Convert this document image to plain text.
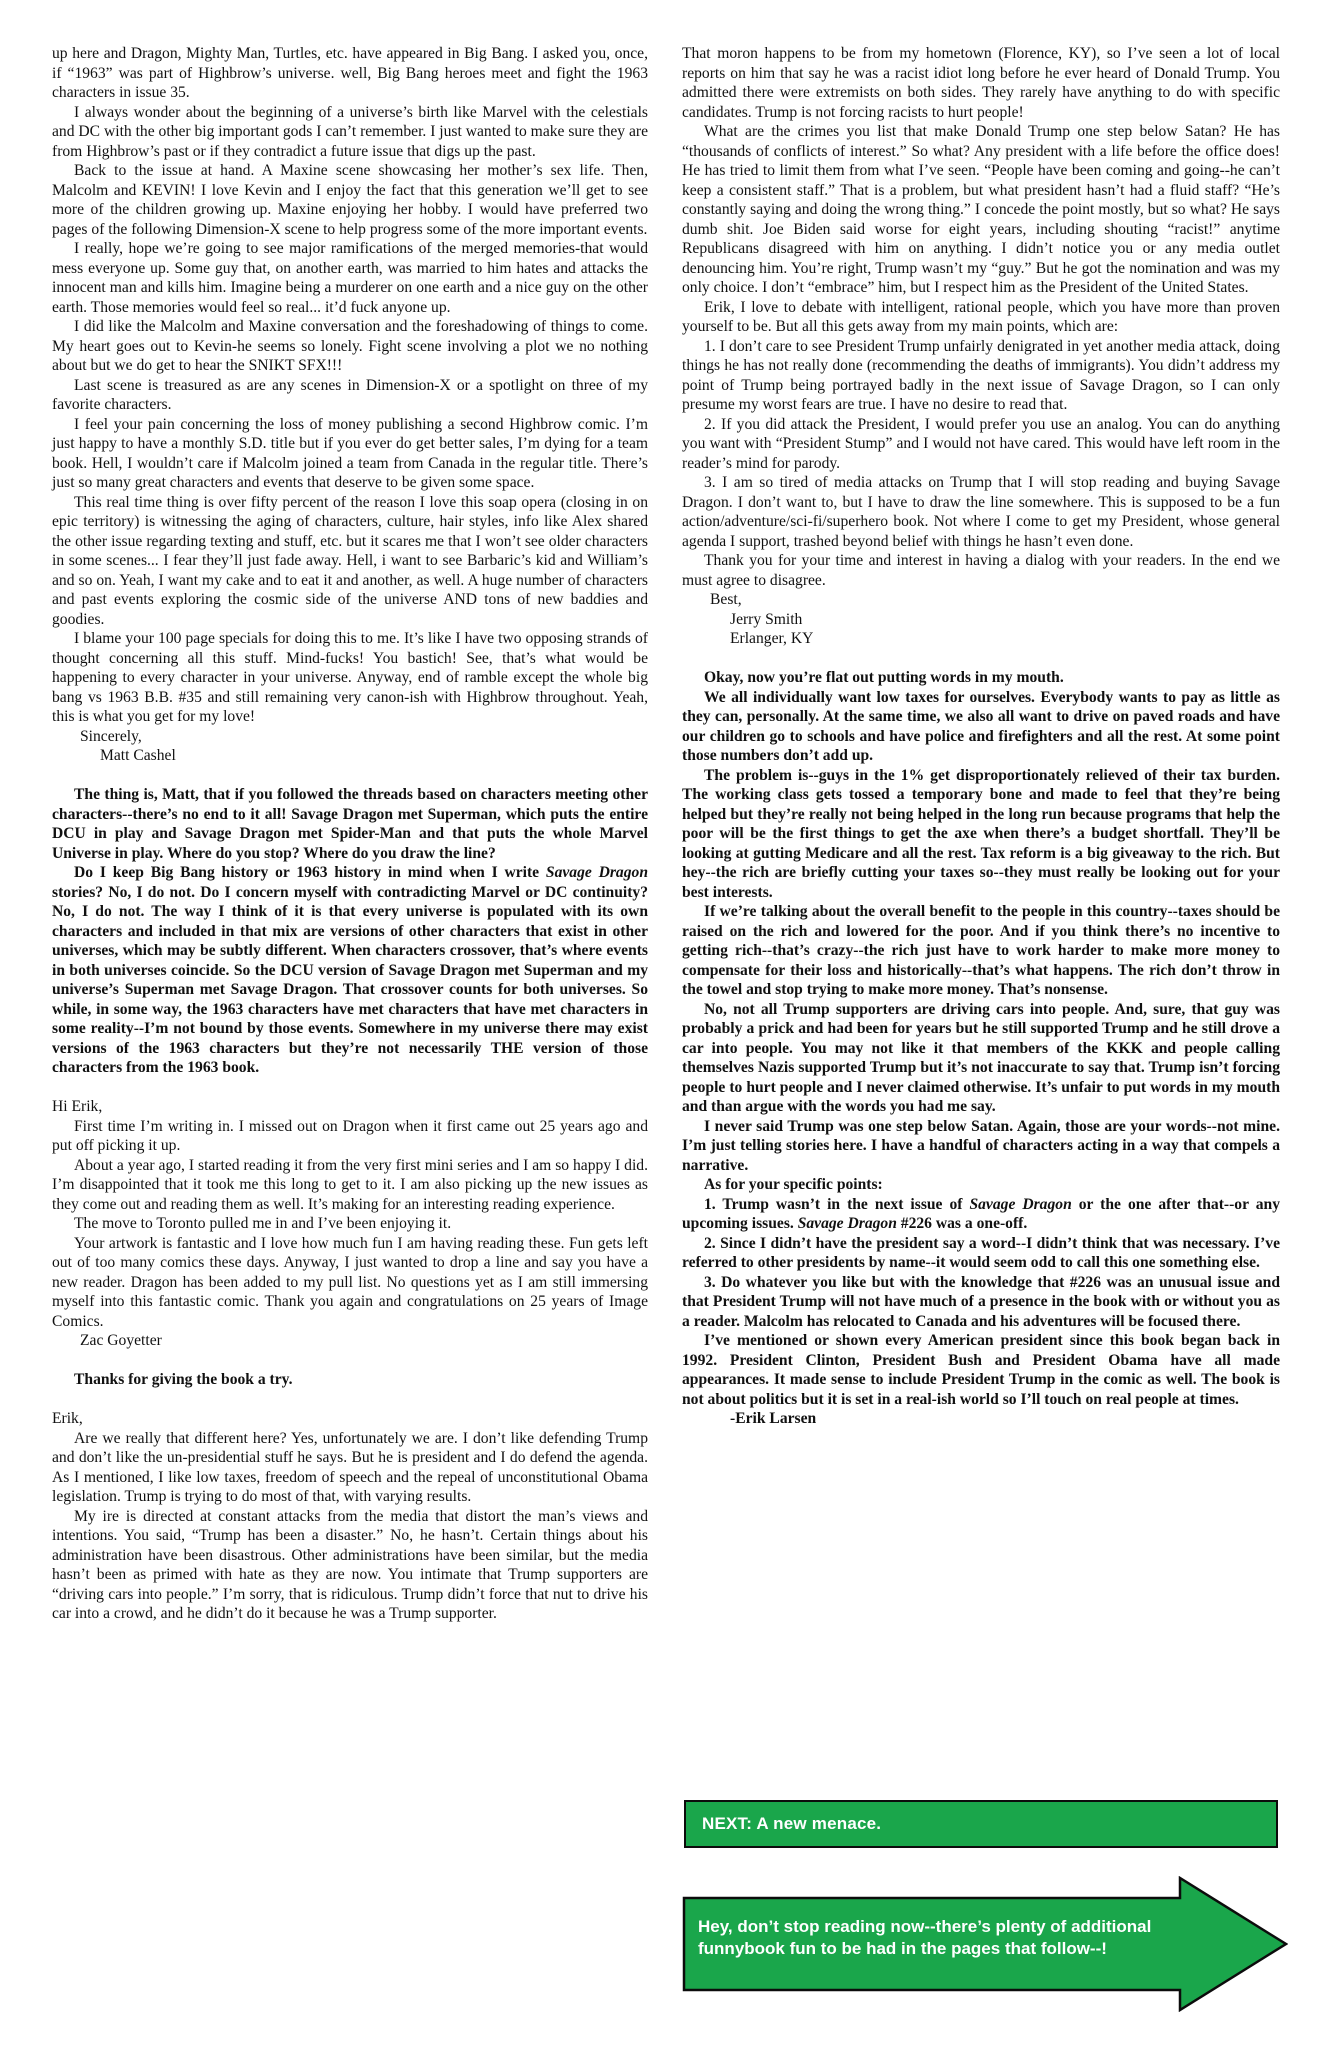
up here and Dragon, Mighty Man, Turtles, etc. have appeared in Big Bang. I asked you, once, if “1963” was part of Highbrow’s universe. well, Big Bang heroes meet and fight the 1963 characters in issue 35.

I always wonder about the beginning of a universe’s birth like Marvel with the celestials and DC with the other big important gods I can’t remember. I just wanted to make sure they are from Highbrow’s past or if they contradict a future issue that digs up the past.

Back to the issue at hand. A Maxine scene showcasing her mother’s sex life. Then, Malcolm and KEVIN! I love Kevin and I enjoy the fact that this generation we’ll get to see more of the children growing up. Maxine enjoying her hobby. I would have preferred two pages of the following Dimension-X scene to help progress some of the more important events.

I really, hope we’re going to see major ramifications of the merged memories-that would mess everyone up. Some guy that, on another earth, was married to him hates and attacks the innocent man and kills him. Imagine being a murderer on one earth and a nice guy on the other earth. Those memories would feel so real... it’d fuck anyone up.

I did like the Malcolm and Maxine conversation and the foreshadowing of things to come. My heart goes out to Kevin-he seems so lonely. Fight scene involving a plot we no nothing about but we do get to hear the SNIKT SFX!!!

Last scene is treasured as are any scenes in Dimension-X or a spotlight on three of my favorite characters.

I feel your pain concerning the loss of money publishing a second Highbrow comic. I’m just happy to have a monthly S.D. title but if you ever do get better sales, I’m dying for a team book. Hell, I wouldn’t care if Malcolm joined a team from Canada in the regular title. There’s just so many great characters and events that deserve to be given some space.

This real time thing is over fifty percent of the reason I love this soap opera (closing in on epic territory) is witnessing the aging of characters, culture, hair styles, info like Alex shared the other issue regarding texting and stuff, etc. but it scares me that I won’t see older characters in some scenes... I fear they’ll just fade away. Hell, i want to see Barbaric’s kid and William’s and so on. Yeah, I want my cake and to eat it and another, as well. A huge number of characters and past events exploring the cosmic side of the universe AND tons of new baddies and goodies.

I blame your 100 page specials for doing this to me. It’s like I have two opposing strands of thought concerning all this stuff. Mind-fucks! You bastich! See, that’s what would be happening to every character in your universe. Anyway, end of ramble except the whole big bang vs 1963 B.B. #35 and still remaining very canon-ish with Highbrow throughout. Yeah, this is what you get for my love!

Sincerely,

Matt Cashel

The thing is, Matt, that if you followed the threads based on characters meeting other characters--there’s no end to it all! Savage Dragon met Superman, which puts the entire DCU in play and Savage Dragon met Spider-Man and that puts the whole Marvel Universe in play. Where do you stop? Where do you draw the line?

Do I keep Big Bang history or 1963 history in mind when I write Savage Dragon stories? No, I do not. Do I concern myself with contradicting Marvel or DC continuity? No, I do not. The way I think of it is that every universe is populated with its own characters and included in that mix are versions of other characters that exist in other universes, which may be subtly different. When characters crossover, that’s where events in both universes coincide. So the DCU version of Savage Dragon met Superman and my universe’s Superman met Savage Dragon. That crossover counts for both universes. So while, in some way, the 1963 characters have met characters that have met characters in some reality--I’m not bound by those events. Somewhere in my universe there may exist versions of the 1963 characters but they’re not necessarily THE version of those characters from the 1963 book.

Hi Erik,

First time I’m writing in. I missed out on Dragon when it first came out 25 years ago and put off picking it up.

About a year ago, I started reading it from the very first mini series and I am so happy I did. I’m disappointed that it took me this long to get to it. I am also picking up the new issues as they come out and reading them as well. It’s making for an interesting reading experience.

The move to Toronto pulled me in and I’ve been enjoying it.

Your artwork is fantastic and I love how much fun I am having reading these. Fun gets left out of too many comics these days. Anyway, I just wanted to drop a line and say you have a new reader. Dragon has been added to my pull list. No questions yet as I am still immersing myself into this fantastic comic. Thank you again and congratulations on 25 years of Image Comics.

Zac Goyetter

Thanks for giving the book a try.

Erik,

Are we really that different here? Yes, unfortunately we are. I don’t like defending Trump and don’t like the un-presidential stuff he says. But he is president and I do defend the agenda. As I mentioned, I like low taxes, freedom of speech and the repeal of unconstitutional Obama legislation. Trump is trying to do most of that, with varying results.

My ire is directed at constant attacks from the media that distort the man’s views and intentions. You said, “Trump has been a disaster.” No, he hasn’t. Certain things about his administration have been disastrous. Other administrations have been similar, but the media hasn’t been as primed with hate as they are now. You intimate that Trump supporters are “driving cars into people.” I’m sorry, that is ridiculous. Trump didn’t force that nut to drive his car into a crowd, and he didn’t do it because he was a Trump supporter.

That moron happens to be from my hometown (Florence, KY), so I’ve seen a lot of local reports on him that say he was a racist idiot long before he ever heard of Donald Trump. You admitted there were extremists on both sides. They rarely have anything to do with specific candidates. Trump is not forcing racists to hurt people!

What are the crimes you list that make Donald Trump one step below Satan? He has “thousands of conflicts of interest.” So what? Any president with a life before the office does! He has tried to limit them from what I’ve seen. “People have been coming and going--he can’t keep a consistent staff.” That is a problem, but what president hasn’t had a fluid staff? “He’s constantly saying and doing the wrong thing.” I concede the point mostly, but so what? He says dumb shit. Joe Biden said worse for eight years, including shouting “racist!” anytime Republicans disagreed with him on anything. I didn’t notice you or any media outlet denouncing him. You’re right, Trump wasn’t my “guy.” But he got the nomination and was my only choice. I don’t “embrace” him, but I respect him as the President of the United States.

Erik, I love to debate with intelligent, rational people, which you have more than proven yourself to be. But all this gets away from my main points, which are:

1. I don’t care to see President Trump unfairly denigrated in yet another media attack, doing things he has not really done (recommending the deaths of immigrants). You didn’t address my point of Trump being portrayed badly in the next issue of Savage Dragon, so I can only presume my worst fears are true. I have no desire to read that.

2. If you did attack the President, I would prefer you use an analog. You can do anything you want with “President Stump” and I would not have cared. This would have left room in the reader’s mind for parody.

3. I am so tired of media attacks on Trump that I will stop reading and buying Savage Dragon. I don’t want to, but I have to draw the line somewhere. This is supposed to be a fun action/adventure/sci-fi/superhero book. Not where I come to get my President, whose general agenda I support, trashed beyond belief with things he hasn’t even done.

Thank you for your time and interest in having a dialog with your readers. In the end we must agree to disagree.

Best,

Jerry Smith

Erlanger, KY

Okay, now you’re flat out putting words in my mouth.

We all individually want low taxes for ourselves. Everybody wants to pay as little as they can, personally. At the same time, we also all want to drive on paved roads and have our children go to schools and have police and firefighters and all the rest. At some point those numbers don’t add up.

The problem is--guys in the 1% get disproportionately relieved of their tax burden. The working class gets tossed a temporary bone and made to feel that they’re being helped but they’re really not being helped in the long run because programs that help the poor will be the first things to get the axe when there’s a budget shortfall. They’ll be looking at gutting Medicare and all the rest. Tax reform is a big giveaway to the rich. But hey--the rich are briefly cutting your taxes so--they must really be looking out for your best interests.

If we’re talking about the overall benefit to the people in this country--taxes should be raised on the rich and lowered for the poor. And if you think there’s no incentive to getting rich--that’s crazy--the rich just have to work harder to make more money to compensate for their loss and historically--that’s what happens. The rich don’t throw in the towel and stop trying to make more money. That’s nonsense.

No, not all Trump supporters are driving cars into people. And, sure, that guy was probably a prick and had been for years but he still supported Trump and he still drove a car into people. You may not like it that members of the KKK and people calling themselves Nazis supported Trump but it’s not inaccurate to say that. Trump isn’t forcing people to hurt people and I never claimed otherwise. It’s unfair to put words in my mouth and than argue with the words you had me say.

I never said Trump was one step below Satan. Again, those are your words--not mine. I’m just telling stories here. I have a handful of characters acting in a way that compels a narrative.

As for your specific points:

1. Trump wasn’t in the next issue of Savage Dragon or the one after that--or any upcoming issues. Savage Dragon #226 was a one-off.

2. Since I didn’t have the president say a word--I didn’t think that was necessary. I’ve referred to other presidents by name--it would seem odd to call this one something else.

3. Do whatever you like but with the knowledge that #226 was an unusual issue and that President Trump will not have much of a presence in the book with or without you as a reader. Malcolm has relocated to Canada and his adventures will be focused there.

I’ve mentioned or shown every American president since this book began back in 1992. President Clinton, President Bush and President Obama have all made appearances. It made sense to include President Trump in the comic as well. The book is not about politics but it is set in a real-ish world so I’ll touch on real people at times.

-Erik Larsen

NEXT: A new menace.
Hey, don’t stop reading now--there’s plenty of additional funnybook fun to be had in the pages that follow--!
